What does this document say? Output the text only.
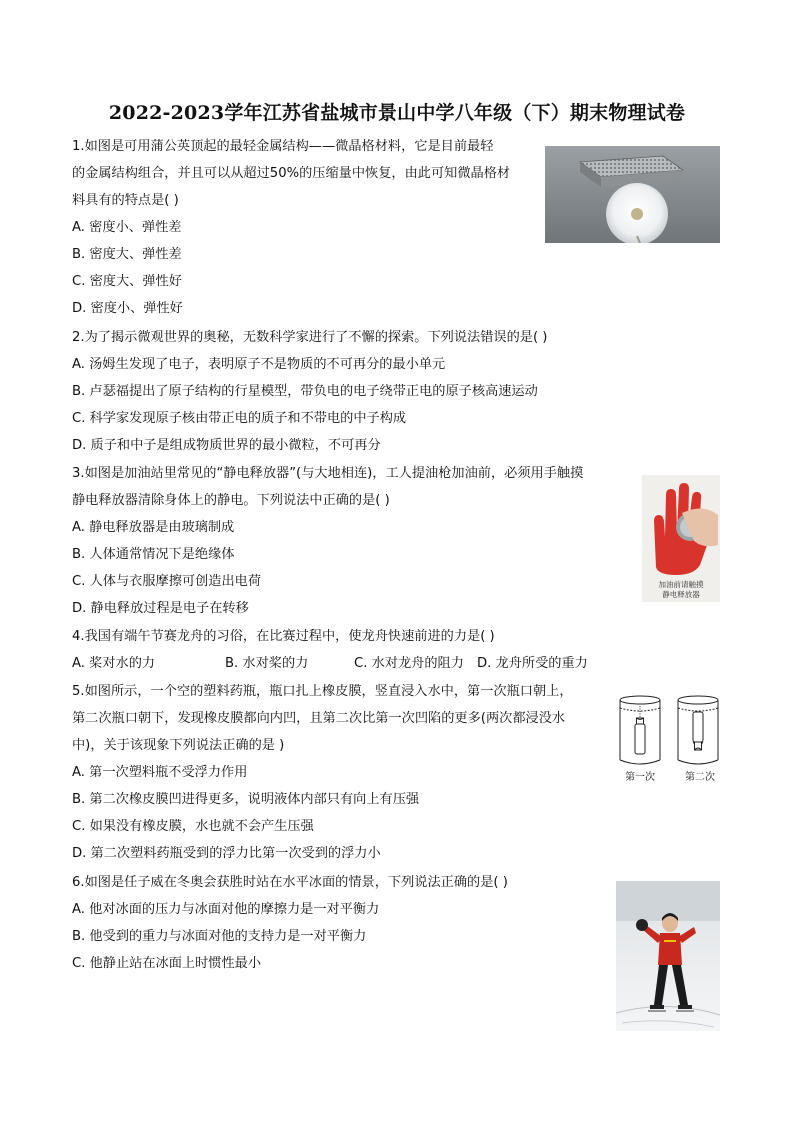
2022-2023学年江苏省盐城市景山中学八年级（下）期末物理试卷
1.如图是可用蒲公英顶起的最轻金属结构——微晶格材料，它是目前最轻
的金属结构组合，并且可以从超过50%的压缩量中恢复，由此可知微晶格材
料具有的特点是( )
A. 密度小、弹性差
B. 密度大、弹性差
C. 密度大、弹性好
D. 密度小、弹性好
2.为了揭示微观世界的奥秘，无数科学家进行了不懈的探索。下列说法错误的是( )
A. 汤姆生发现了电子，表明原子不是物质的不可再分的最小单元
B. 卢瑟福提出了原子结构的行星模型，带负电的电子绕带正电的原子核高速运动
C. 科学家发现原子核由带正电的质子和不带电的中子构成
D. 质子和中子是组成物质世界的最小微粒，不可再分
3.如图是加油站里常见的“静电释放器”(与大地相连)，工人提油枪加油前，必须用手触摸
静电释放器清除身体上的静电。下列说法中正确的是( )
A. 静电释放器是由玻璃制成
B. 人体通常情况下是绝缘体
C. 人体与衣服摩擦可创造出电荷
D. 静电释放过程是电子在转移
加油前请触摸
静电释放器
4.我国有端午节赛龙舟的习俗，在比赛过程中，使龙舟快速前进的力是( )
A. 桨对水的力	B. 水对桨的力	C. 水对龙舟的阻力 D. 龙舟所受的重力
5.如图所示，一个空的塑料药瓶，瓶口扎上橡皮膜，竖直浸入水中，第一次瓶口朝上，
第二次瓶口朝下，发现橡皮膜都向内凹，且第二次比第一次凹陷的更多(两次都浸没水
中)，关于该现象下列说法正确的是 )
A. 第一次塑料瓶不受浮力作用
B. 第二次橡皮膜凹进得更多，说明液体内部只有向上有压强
C. 如果没有橡皮膜，水也就不会产生压强
D. 第二次塑料药瓶受到的浮力比第一次受到的浮力小
第一次	第二次
6.如图是任子威在冬奥会获胜时站在水平冰面的情景，下列说法正确的是( )
A. 他对冰面的压力与冰面对他的摩擦力是一对平衡力
B. 他受到的重力与冰面对他的支持力是一对平衡力
C. 他静止站在冰面上时惯性最小
